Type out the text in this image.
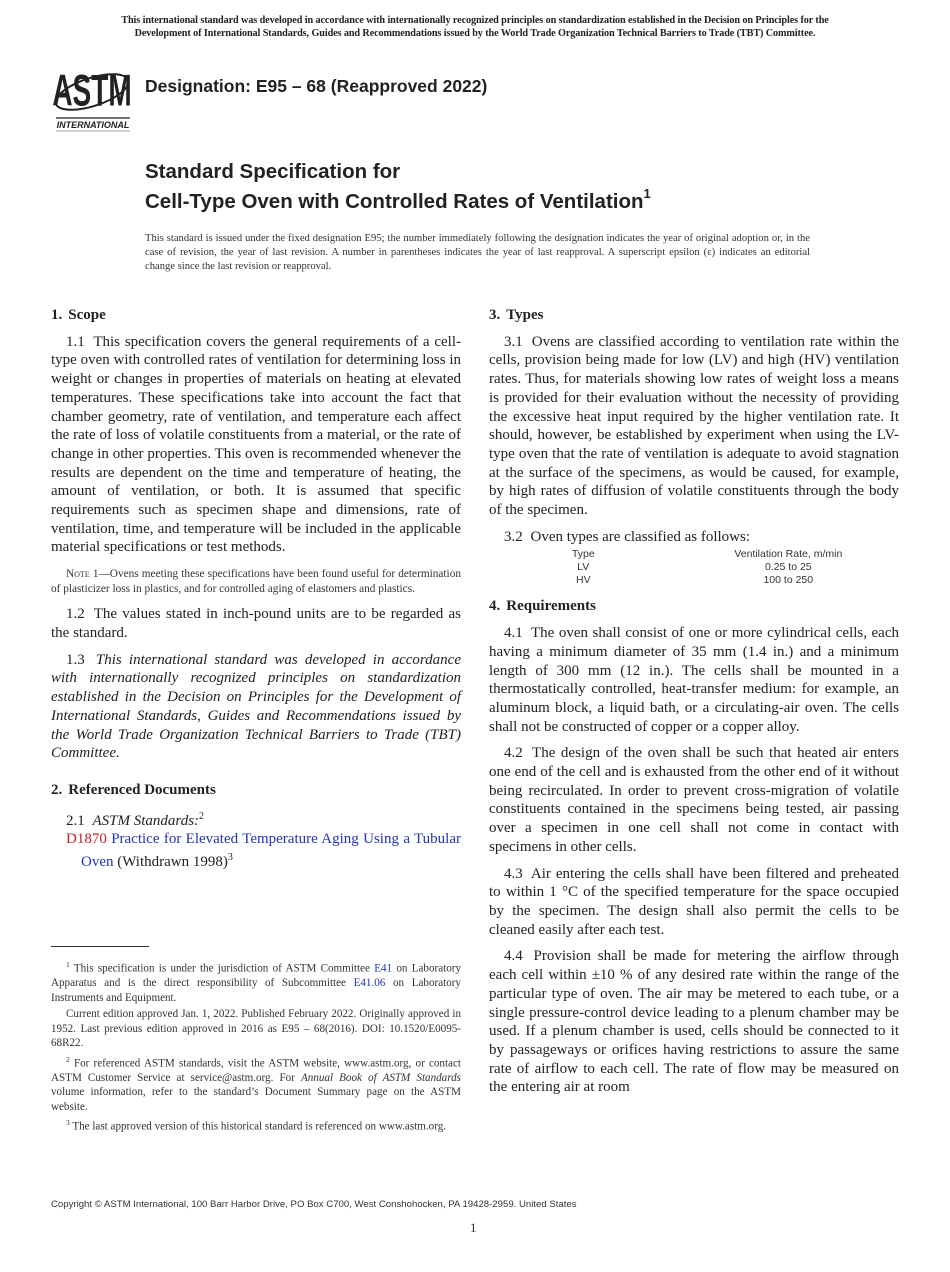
This international standard was developed in accordance with internationally recognized principles on standardization established in the Decision on Principles for the
Development of International Standards, Guides and Recommendations issued by the World Trade Organization Technical Barriers to Trade (TBT) Committee.
ASTM
INTERNATIONAL
Designation: E95 – 68 (Reapproved 2022)
Standard Specification for
Cell-Type Oven with Controlled Rates of Ventilation$^1$
This standard is issued under the fixed designation E95; the number immediately following the designation indicates the year of original adoption or, in the case of revision, the year of last revision. A number in parentheses indicates the year of last reapproval. A superscript epsilon (ε) indicates an editorial change since the last revision or reapproval.
1. Scope

1.1 This specification covers the general requirements of a cell-type oven with controlled rates of ventilation for determining loss in weight or changes in properties of materials on heating at elevated temperatures. These specifications take into account the fact that chamber geometry, rate of ventilation, and temperature each affect the rate of loss of volatile constituents from a material, or the rate of change in other properties. This oven is recommended whenever the results are dependent on the time and temperature of heating, the amount of ventilation, or both. It is assumed that specific requirements such as specimen shape and dimensions, rate of ventilation, time, and temperature will be included in the applicable material specifications or test methods.

Note 1—Ovens meeting these specifications have been found useful for determination of plasticizer loss in plastics, and for controlled aging of elastomers and plastics.

1.2 The values stated in inch-pound units are to be regarded as the standard.

1.3 This international standard was developed in accordance with internationally recognized principles on standardization established in the Decision on Principles for the Development of International Standards, Guides and Recommendations issued by the World Trade Organization Technical Barriers to Trade (TBT) Committee.

2. Referenced Documents

2.1 ASTM Standards:$^2$

D1870 Practice for Elevated Temperature Aging Using a Tubular Oven (Withdrawn 1998)$^3$

$^1$ This specification is under the jurisdiction of ASTM Committee E41 on Laboratory Apparatus and is the direct responsibility of Subcommittee E41.06 on Laboratory Instruments and Equipment.

Current edition approved Jan. 1, 2022. Published February 2022. Originally approved in 1952. Last previous edition approved in 2016 as E95 – 68(2016). DOI: 10.1520/E0095-68R22.

$^2$ For referenced ASTM standards, visit the ASTM website, www.astm.org, or contact ASTM Customer Service at service@astm.org. For Annual Book of ASTM Standards volume information, refer to the standard’s Document Summary page on the ASTM website.

$^3$ The last approved version of this historical standard is referenced on www.astm.org.

3. Types

3.1 Ovens are classified according to ventilation rate within the cells, provision being made for low (LV) and high (HV) ventilation rates. Thus, for materials showing low rates of weight loss a means is provided for their evaluation without the necessity of providing the excessive heat input required by the higher ventilation rate. It should, however, be established by experiment when using the LV-type oven that the rate of ventilation is adequate to avoid stagnation at the surface of the specimens, as would be caused, for example, by high rates of diffusion of volatile constituents through the body of the specimen.

3.2 Oven types are classified as follows:

Type	Ventilation Rate, m/min
LV	0.25 to 25
HV	100 to 250
4. Requirements

4.1 The oven shall consist of one or more cylindrical cells, each having a minimum diameter of 35 mm (1.4 in.) and a minimum length of 300 mm (12 in.). The cells shall be mounted in a thermostatically controlled, heat-transfer medium: for example, an aluminum block, a liquid bath, or a circulating-air oven. The cells shall not be constructed of copper or a copper alloy.

4.2 The design of the oven shall be such that heated air enters one end of the cell and is exhausted from the other end of it without being recirculated. In order to prevent cross-migration of volatile constituents contained in the specimens being tested, air passing over a specimen in one cell shall not come in contact with specimens in other cells.

4.3 Air entering the cells shall have been filtered and preheated to within 1 °C of the specified temperature for the space occupied by the specimen. The design shall also permit the cells to be cleaned easily after each test.

4.4 Provision shall be made for metering the airflow through each cell within ±10 % of any desired rate within the range of the particular type of oven. The air may be metered to each tube, or a single pressure-control device leading to a plenum chamber may be used. If a plenum chamber is used, cells should be connected to it by passageways or orifices having restrictions to assure the same rate of airflow to each cell. The rate of flow may be measured on the entering air at room

Copyright © ASTM International, 100 Barr Harbor Drive, PO Box C700, West Conshohocken, PA 19428-2959. United States
1
